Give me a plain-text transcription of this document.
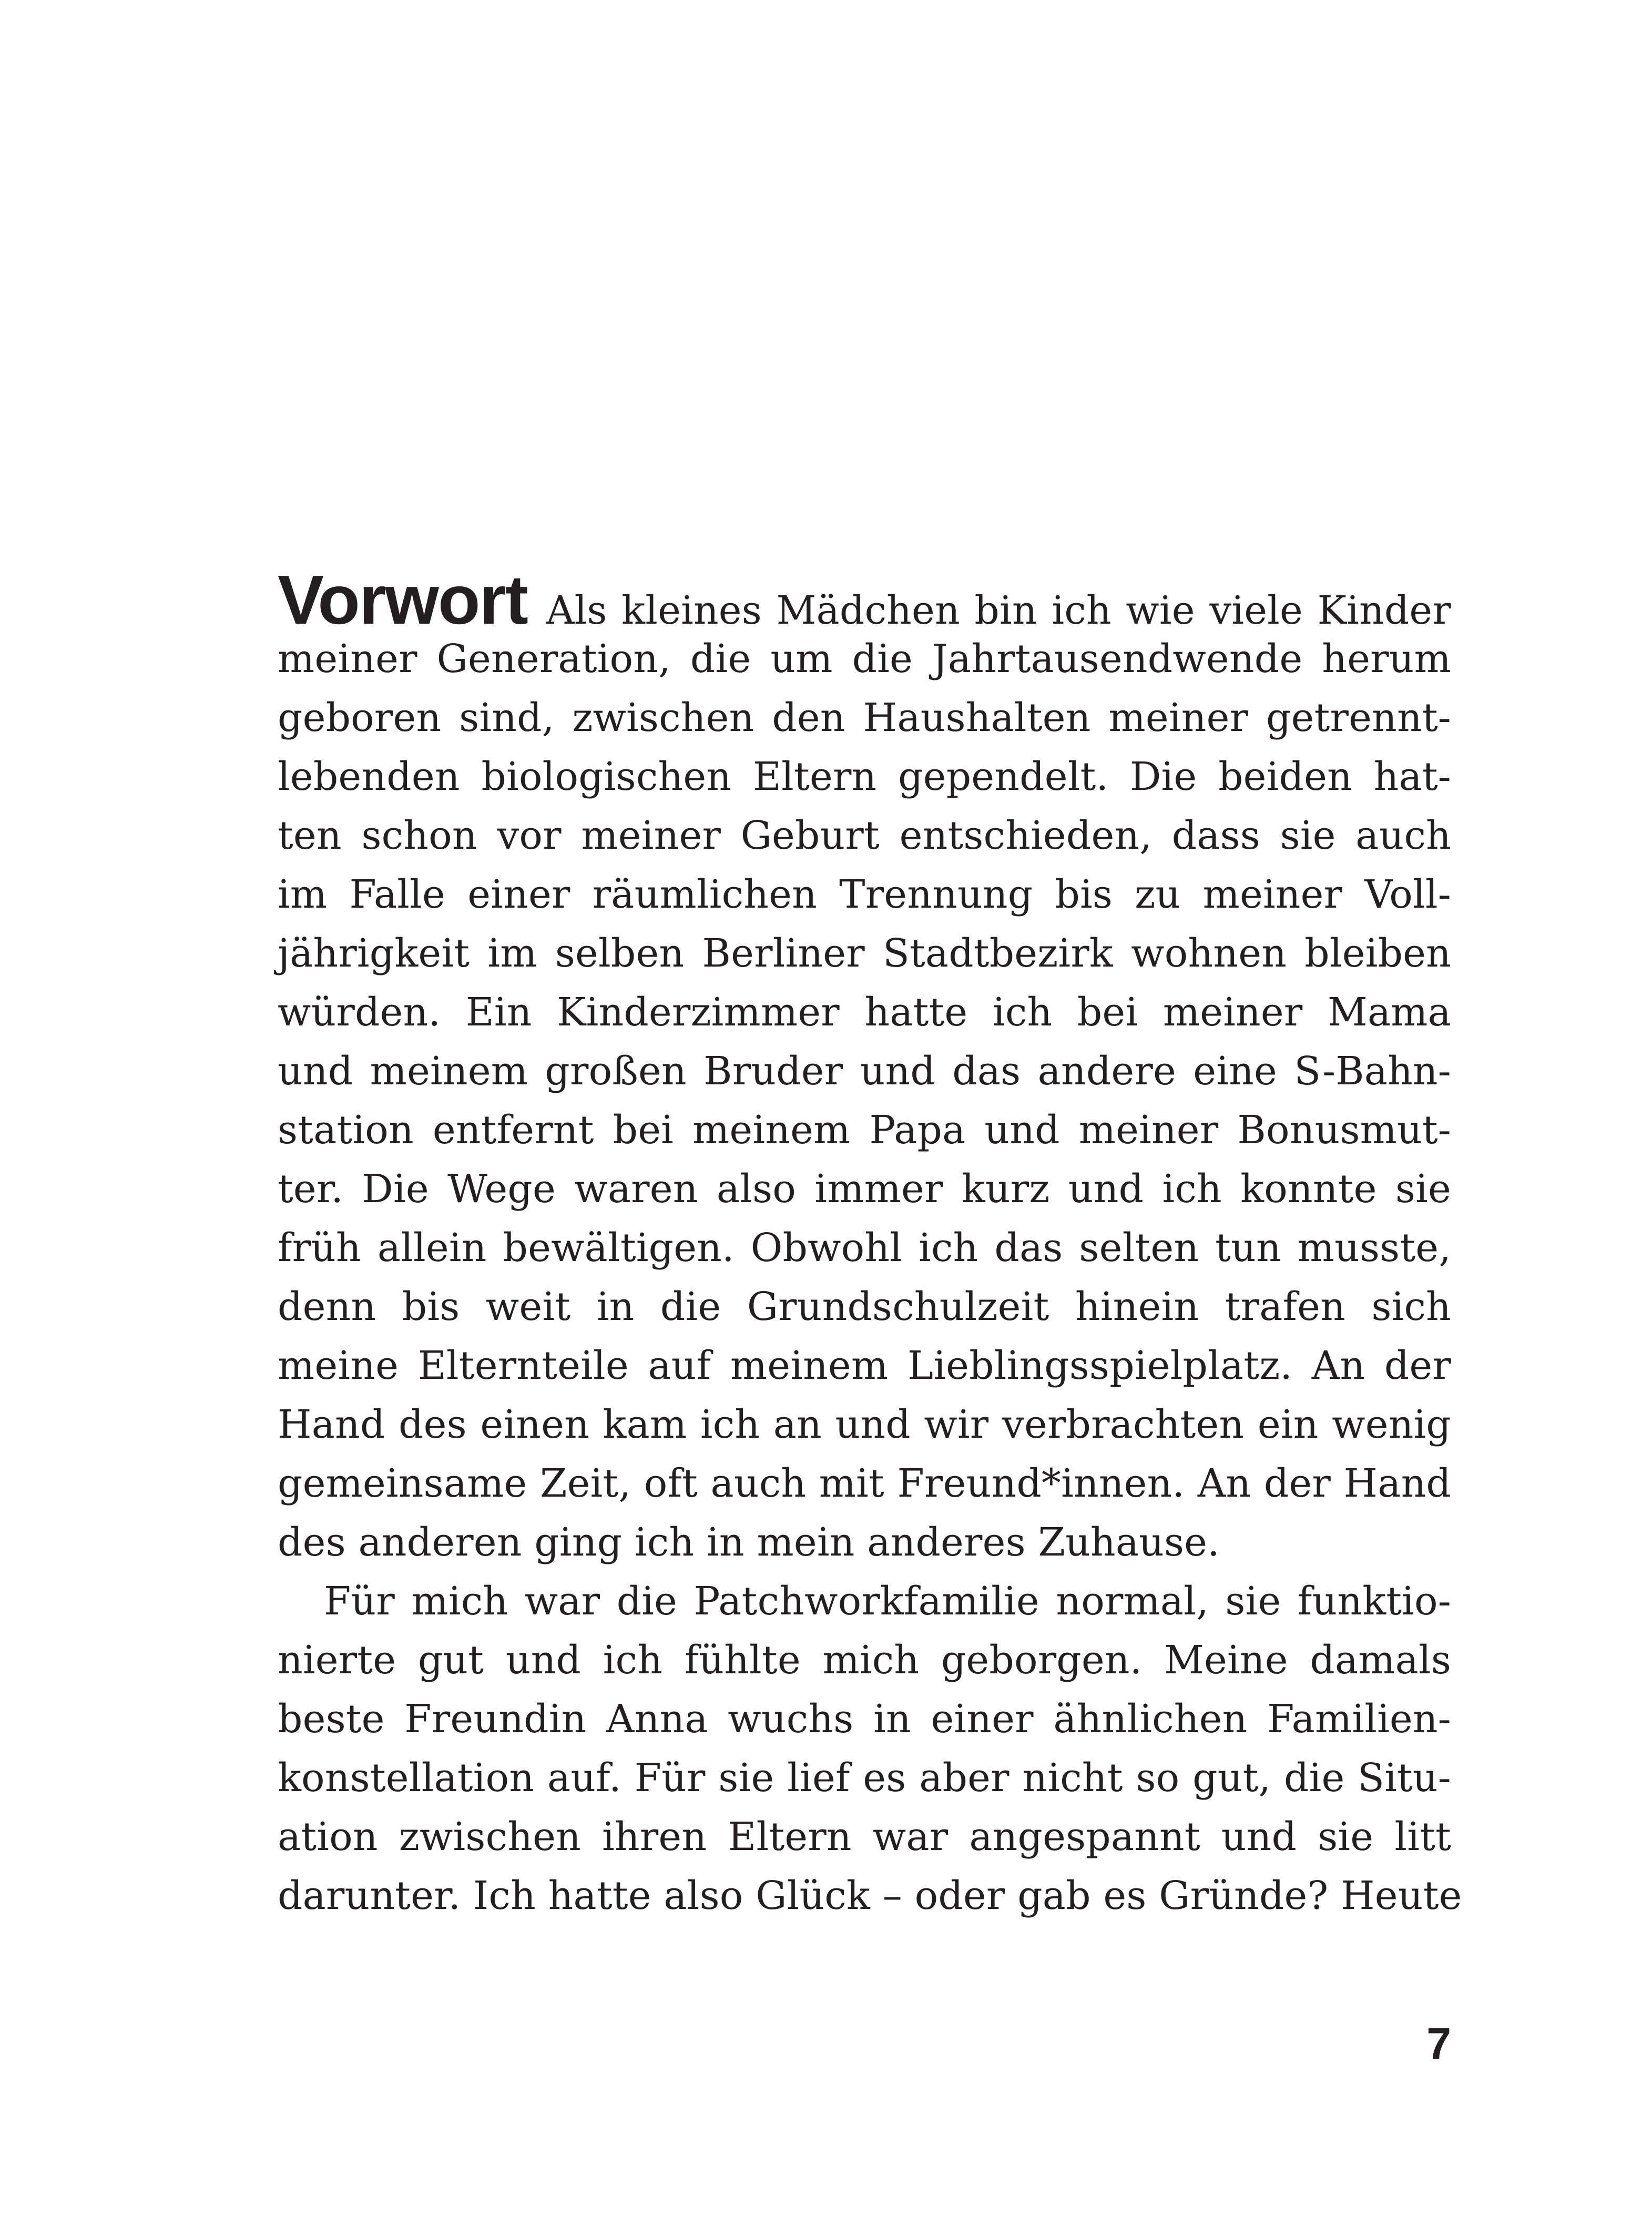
Vorwort Als kleines Mädchen bin ich wie viele Kinder
meiner Generation, die um die Jahrtausendwende herum
geboren sind, zwischen den Haushalten meiner getrennt-
lebenden biologischen Eltern gependelt. Die beiden hat-
ten schon vor meiner Geburt entschieden, dass sie auch
im Falle einer räumlichen Trennung bis zu meiner Voll-
jährigkeit im selben Berliner Stadtbezirk wohnen bleiben
würden. Ein Kinderzimmer hatte ich bei meiner Mama
und meinem großen Bruder und das andere eine S-Bahn-
station entfernt bei meinem Papa und meiner Bonusmut-
ter. Die Wege waren also immer kurz und ich konnte sie
früh allein bewältigen. Obwohl ich das selten tun musste,
denn bis weit in die Grundschulzeit hinein trafen sich
meine Elternteile auf meinem Lieblingsspielplatz. An der
Hand des einen kam ich an und wir verbrachten ein wenig
gemeinsame Zeit, oft auch mit Freund*innen. An der Hand
des anderen ging ich in mein anderes Zuhause.
Für mich war die Patchworkfamilie normal, sie funktio-
nierte gut und ich fühlte mich geborgen. Meine damals
beste Freundin Anna wuchs in einer ähnlichen Familien-
konstellation auf. Für sie lief es aber nicht so gut, die Situ-
ation zwischen ihren Eltern war angespannt und sie litt
darunter. Ich hatte also Glück – oder gab es Gründe? Heute
7
